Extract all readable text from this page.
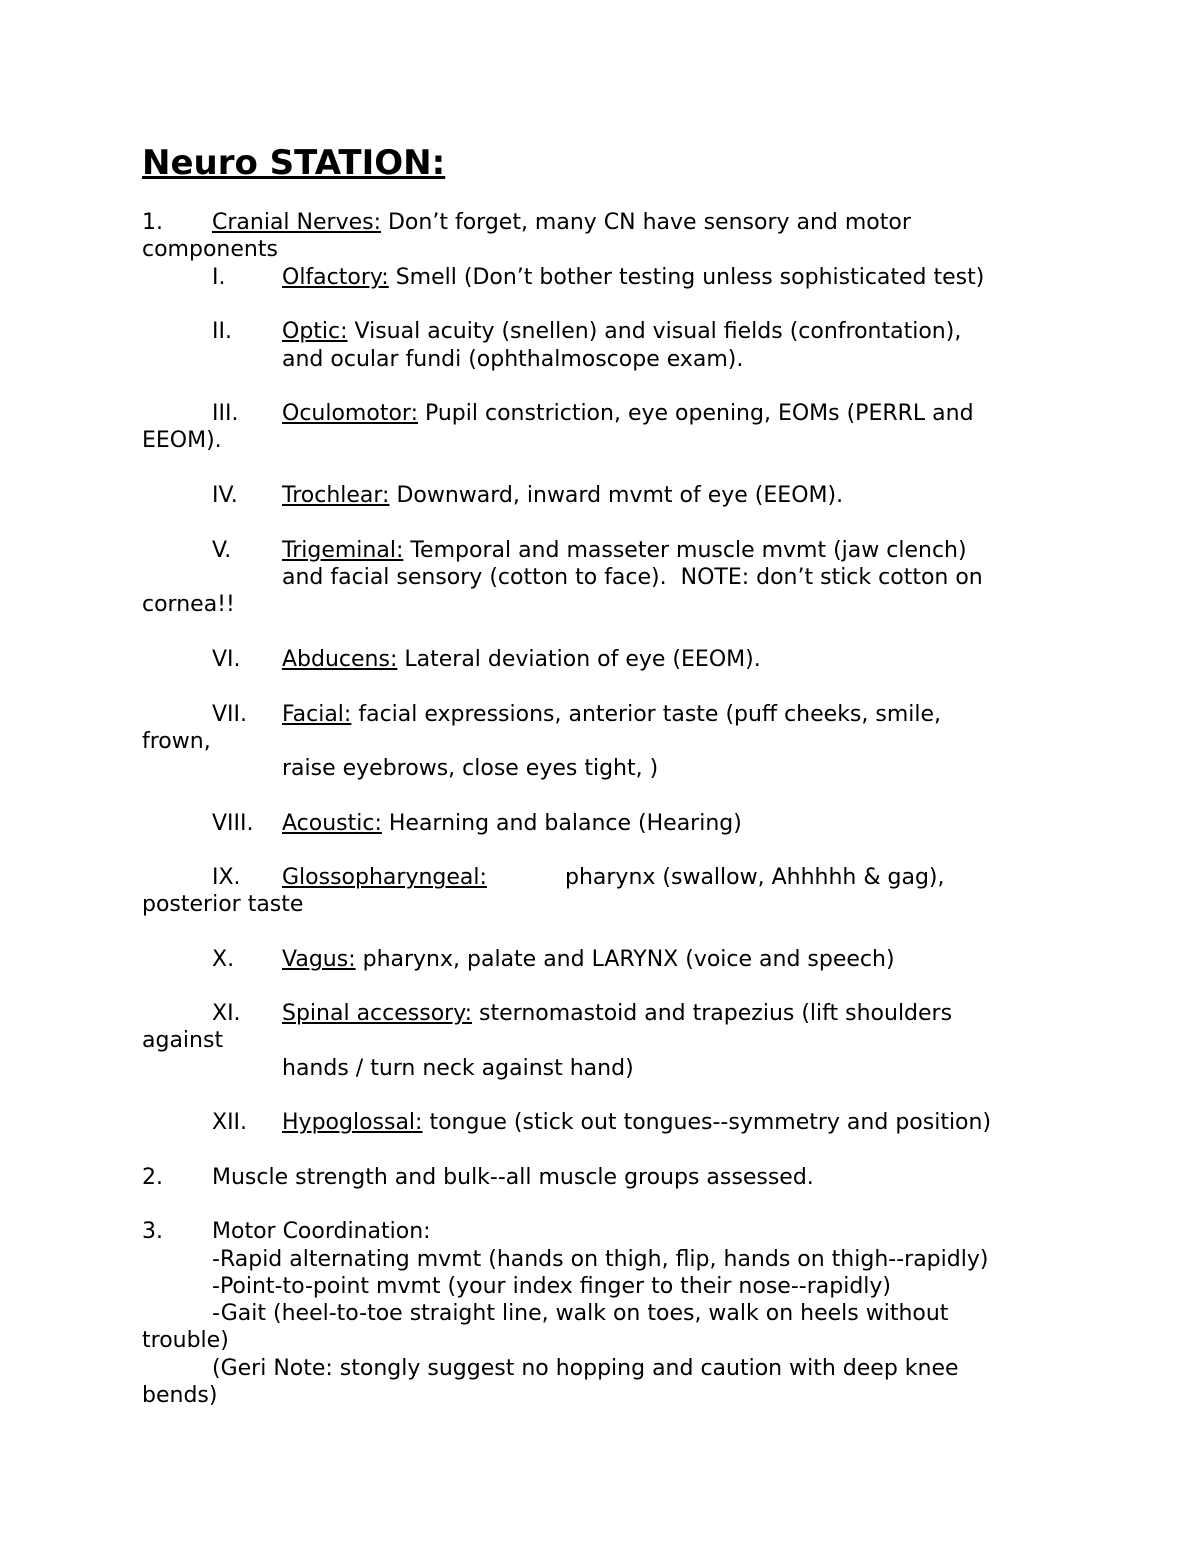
Neuro STATION:
1. Cranial Nerves: Don’t forget, many CN have sensory and motor
components
I.	Olfactory: Smell (Don’t bother testing unless sophisticated test)
II. Optic: Visual acuity (snellen) and visual fields (confrontation),
and ocular fundi (ophthalmoscope exam).
III. Oculomotor: Pupil constriction, eye opening, EOMs (PERRL and
EEOM).
IV. Trochlear: Downward, inward mvmt of eye (EEOM).
V. Trigeminal: Temporal and masseter muscle mvmt (jaw clench)
and facial sensory (cotton to face).  NOTE: don’t stick cotton on
cornea!!
VI. Abducens: Lateral deviation of eye (EEOM).
VII. Facial: facial expressions, anterior taste (puff cheeks, smile,
frown,
raise eyebrows, close eyes tight, )
VIII. Acoustic: Hearning and balance (Hearing)
IX. Glossopharyngeal:	pharynx (swallow, Ahhhhh & gag),
posterior taste
X. Vagus: pharynx, palate and LARYNX (voice and speech)
XI. Spinal accessory: sternomastoid and trapezius (lift shoulders
against
hands / turn neck against hand)
XII. Hypoglossal: tongue (stick out tongues--symmetry and position)
2. Muscle strength and bulk--all muscle groups assessed.
3. Motor Coordination:
-Rapid alternating mvmt (hands on thigh, flip, hands on thigh--rapidly)
-Point-to-point mvmt (your index finger to their nose--rapidly)
-Gait (heel-to-toe straight line, walk on toes, walk on heels without
trouble)
(Geri Note: stongly suggest no hopping and caution with deep knee
bends)
